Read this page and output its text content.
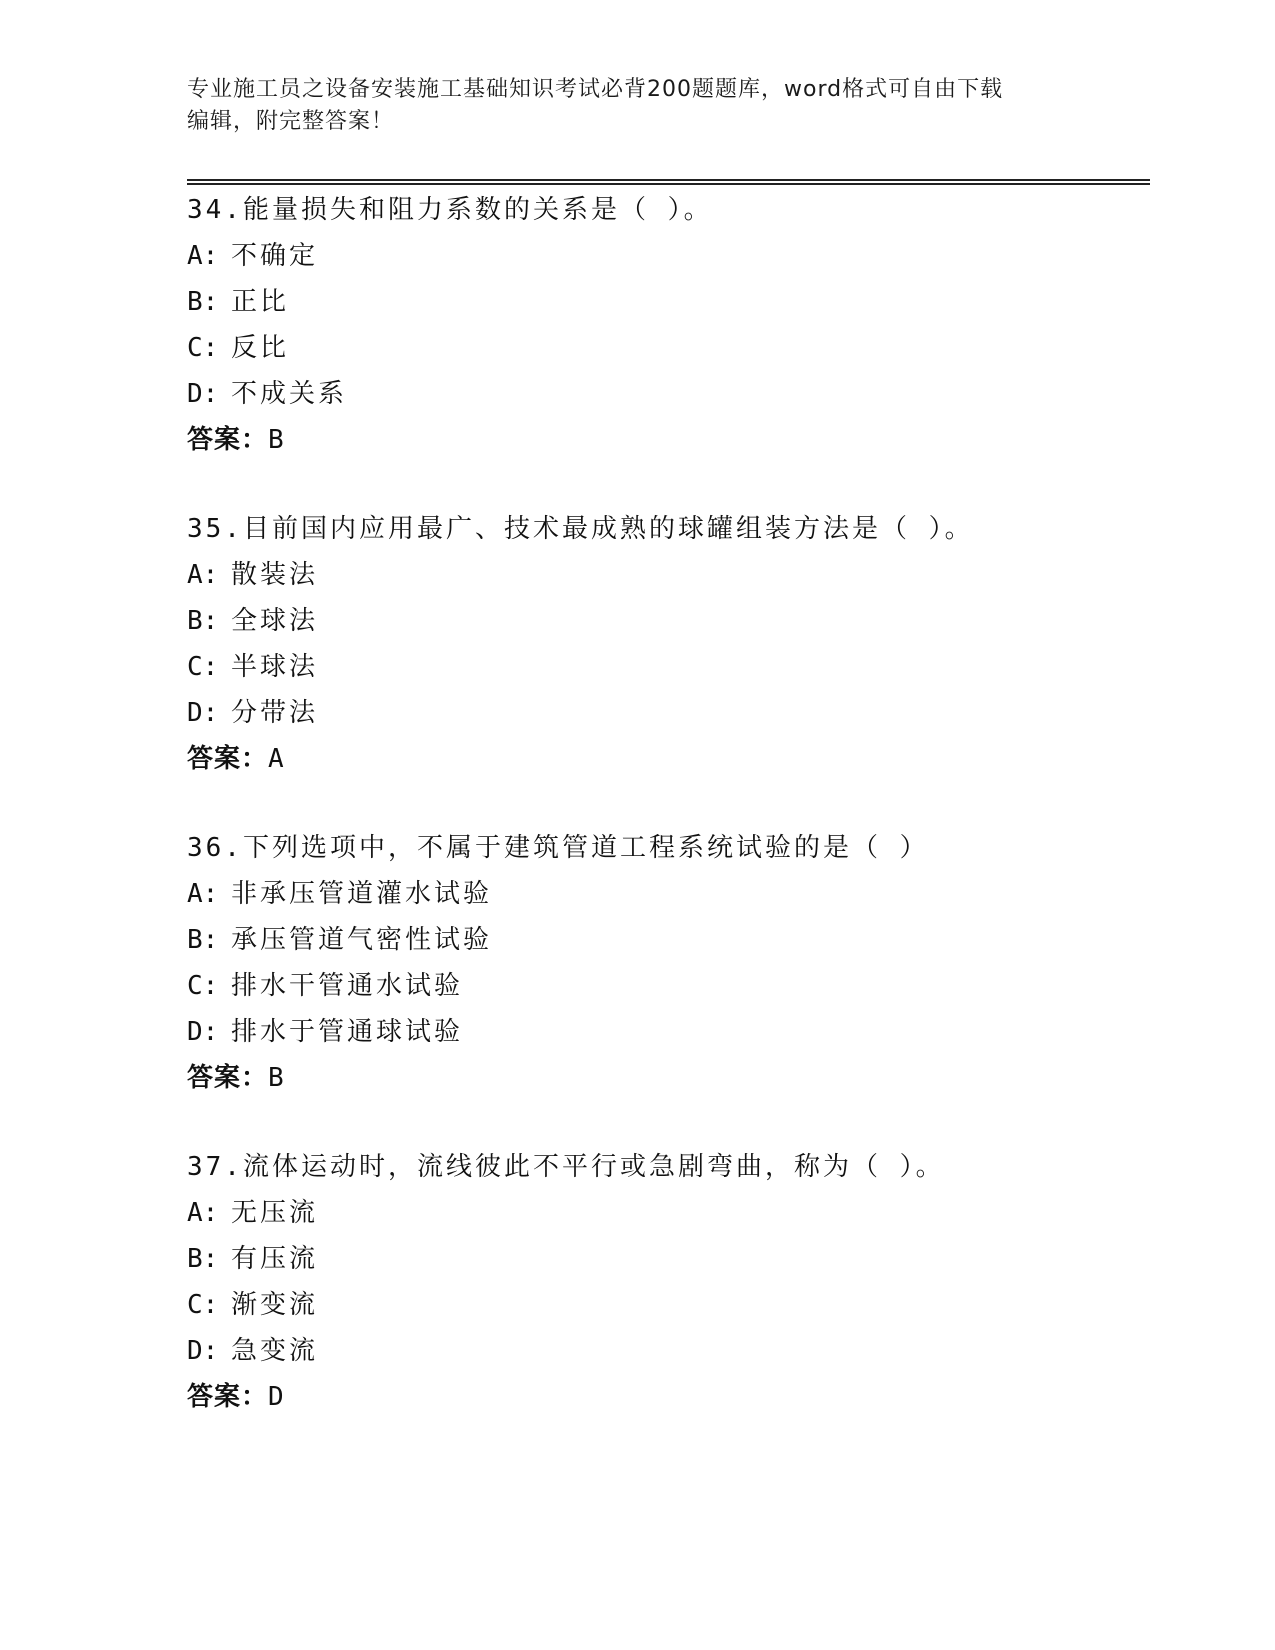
专业施工员之设备安装施工基础知识考试必背200题题库，word格式可自由下载
编辑，附完整答案！
34.能量损失和阻力系数的关系是（ ）。
A: 不确定
B: 正比
C: 反比
D: 不成关系
答案：B
35.目前国内应用最广、技术最成熟的球罐组装方法是（ ）。
A: 散装法
B: 全球法
C: 半球法
D: 分带法
答案：A
36.下列选项中，不属于建筑管道工程系统试验的是（ ）
A: 非承压管道灌水试验
B: 承压管道气密性试验
C: 排水干管通水试验
D: 排水于管通球试验
答案：B
37.流体运动时，流线彼此不平行或急剧弯曲，称为（ ）。
A: 无压流
B: 有压流
C: 渐变流
D: 急变流
答案：D
